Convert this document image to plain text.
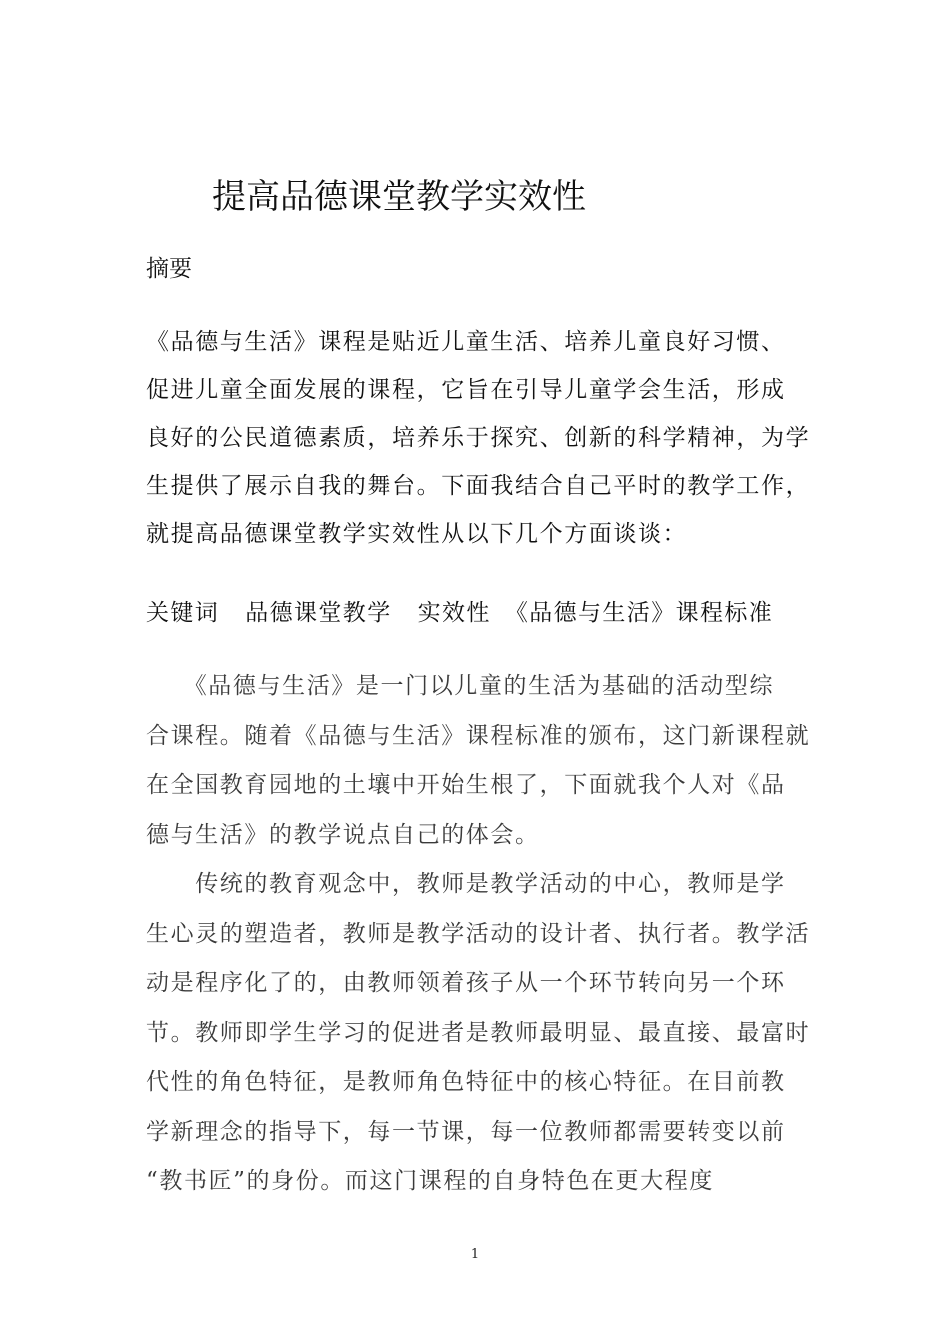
提高品德课堂教学实效性
摘要
《品德与生活》课程是贴近儿童生活、培养儿童良好习惯、
促进儿童全面发展的课程，它旨在引导儿童学会生活，形成
良好的公民道德素质，培养乐于探究、创新的科学精神，为学
生提供了展示自我的舞台。下面我结合自己平时的教学工作，
就提高品德课堂教学实效性从以下几个方面谈谈：
关键词 品德课堂教学 实效性 《品德与生活》课程标准
　　《品德与生活》是一门以儿童的生活为基础的活动型综
合课程。随着《品德与生活》课程标准的颁布，这门新课程就
在全国教育园地的土壤中开始生根了，下面就我个人对《品
德与生活》的教学说点自己的体会。
　　传统的教育观念中，教师是教学活动的中心，教师是学
生心灵的塑造者，教师是教学活动的设计者、执行者。教学活
动是程序化了的，由教师领着孩子从一个环节转向另一个环
节。教师即学生学习的促进者是教师最明显、最直接、最富时
代性的角色特征，是教师角色特征中的核心特征。在目前教
学新理念的指导下，每一节课，每一位教师都需要转变以前
“教书匠”的身份。而这门课程的自身特色在更大程度
1
